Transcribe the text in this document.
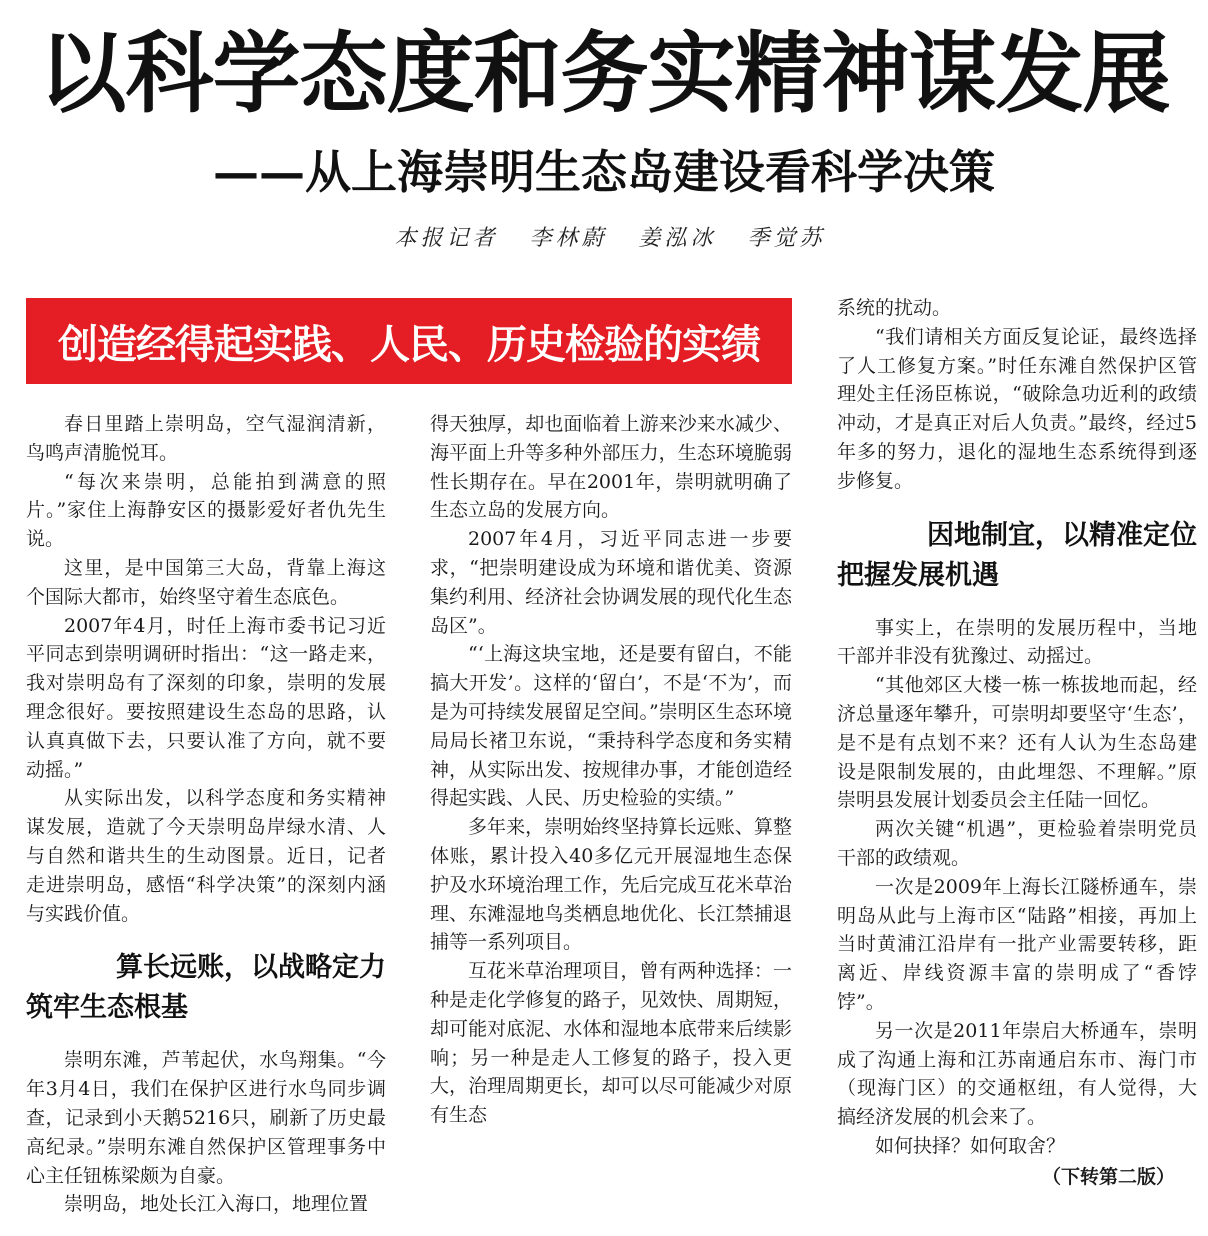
以科学态度和务实精神谋发展
——从上海崇明生态岛建设看科学决策
本报记者 李林蔚 姜泓冰 季觉苏
创造经得起实践、人民、历史检验的实绩

春日里踏上崇明岛，空气湿润清新，鸟鸣声清脆悦耳。

“每次来崇明，总能拍到满意的照片。”家住上海静安区的摄影爱好者仇先生说。

这里，是中国第三大岛，背靠上海这个国际大都市，始终坚守着生态底色。

2007年4月，时任上海市委书记习近平同志到崇明调研时指出：“这一路走来，我对崇明岛有了深刻的印象，崇明的发展理念很好。要按照建设生态岛的思路，认认真真做下去，只要认准了方向，就不要动摇。”

从实际出发，以科学态度和务实精神谋发展，造就了今天崇明岛岸绿水清、人与自然和谐共生的生动图景。近日，记者走进崇明岛，感悟“科学决策”的深刻内涵与实践价值。

算长远账，以战略定力
筑牢生态根基

崇明东滩，芦苇起伏，水鸟翔集。“今年3月4日，我们在保护区进行水鸟同步调查，记录到小天鹅5216只，刷新了历史最高纪录。”崇明东滩自然保护区管理事务中心主任钮栋梁颇为自豪。

崇明岛，地处长江入海口，地理位置

得天独厚，却也面临着上游来沙来水减少、海平面上升等多种外部压力，生态环境脆弱性长期存在。早在2001年，崇明就明确了生态立岛的发展方向。

2007年4月，习近平同志进一步要求，“把崇明建设成为环境和谐优美、资源集约利用、经济社会协调发展的现代化生态岛区”。

“‘上海这块宝地，还是要有留白，不能搞大开发’。这样的‘留白’，不是‘不为’，而是为可持续发展留足空间。”崇明区生态环境局局长褚卫东说，“秉持科学态度和务实精神，从实际出发、按规律办事，才能创造经得起实践、人民、历史检验的实绩。”

多年来，崇明始终坚持算长远账、算整体账，累计投入40多亿元开展湿地生态保护及水环境治理工作，先后完成互花米草治理、东滩湿地鸟类栖息地优化、长江禁捕退捕等一系列项目。

互花米草治理项目，曾有两种选择：一种是走化学修复的路子，见效快、周期短，却可能对底泥、水体和湿地本底带来后续影响；另一种是走人工修复的路子，投入更大，治理周期更长，却可以尽可能减少对原有生态

系统的扰动。

“我们请相关方面反复论证，最终选择了人工修复方案。”时任东滩自然保护区管理处主任汤臣栋说，“破除急功近利的政绩冲动，才是真正对后人负责。”最终，经过5年多的努力，退化的湿地生态系统得到逐步修复。

因地制宜，以精准定位
把握发展机遇

事实上，在崇明的发展历程中，当地干部并非没有犹豫过、动摇过。

“其他郊区大楼一栋一栋拔地而起，经济总量逐年攀升，可崇明却要坚守‘生态’，是不是有点划不来？还有人认为生态岛建设是限制发展的，由此埋怨、不理解。”原崇明县发展计划委员会主任陆一回忆。

两次关键“机遇”，更检验着崇明党员干部的政绩观。

一次是2009年上海长江隧桥通车，崇明岛从此与上海市区“陆路”相接，再加上当时黄浦江沿岸有一批产业需要转移，距离近、岸线资源丰富的崇明成了“香饽饽”。

另一次是2011年崇启大桥通车，崇明成了沟通上海和江苏南通启东市、海门市（现海门区）的交通枢纽，有人觉得，大搞经济发展的机会来了。

如何抉择？如何取舍？

（下转第二版）
